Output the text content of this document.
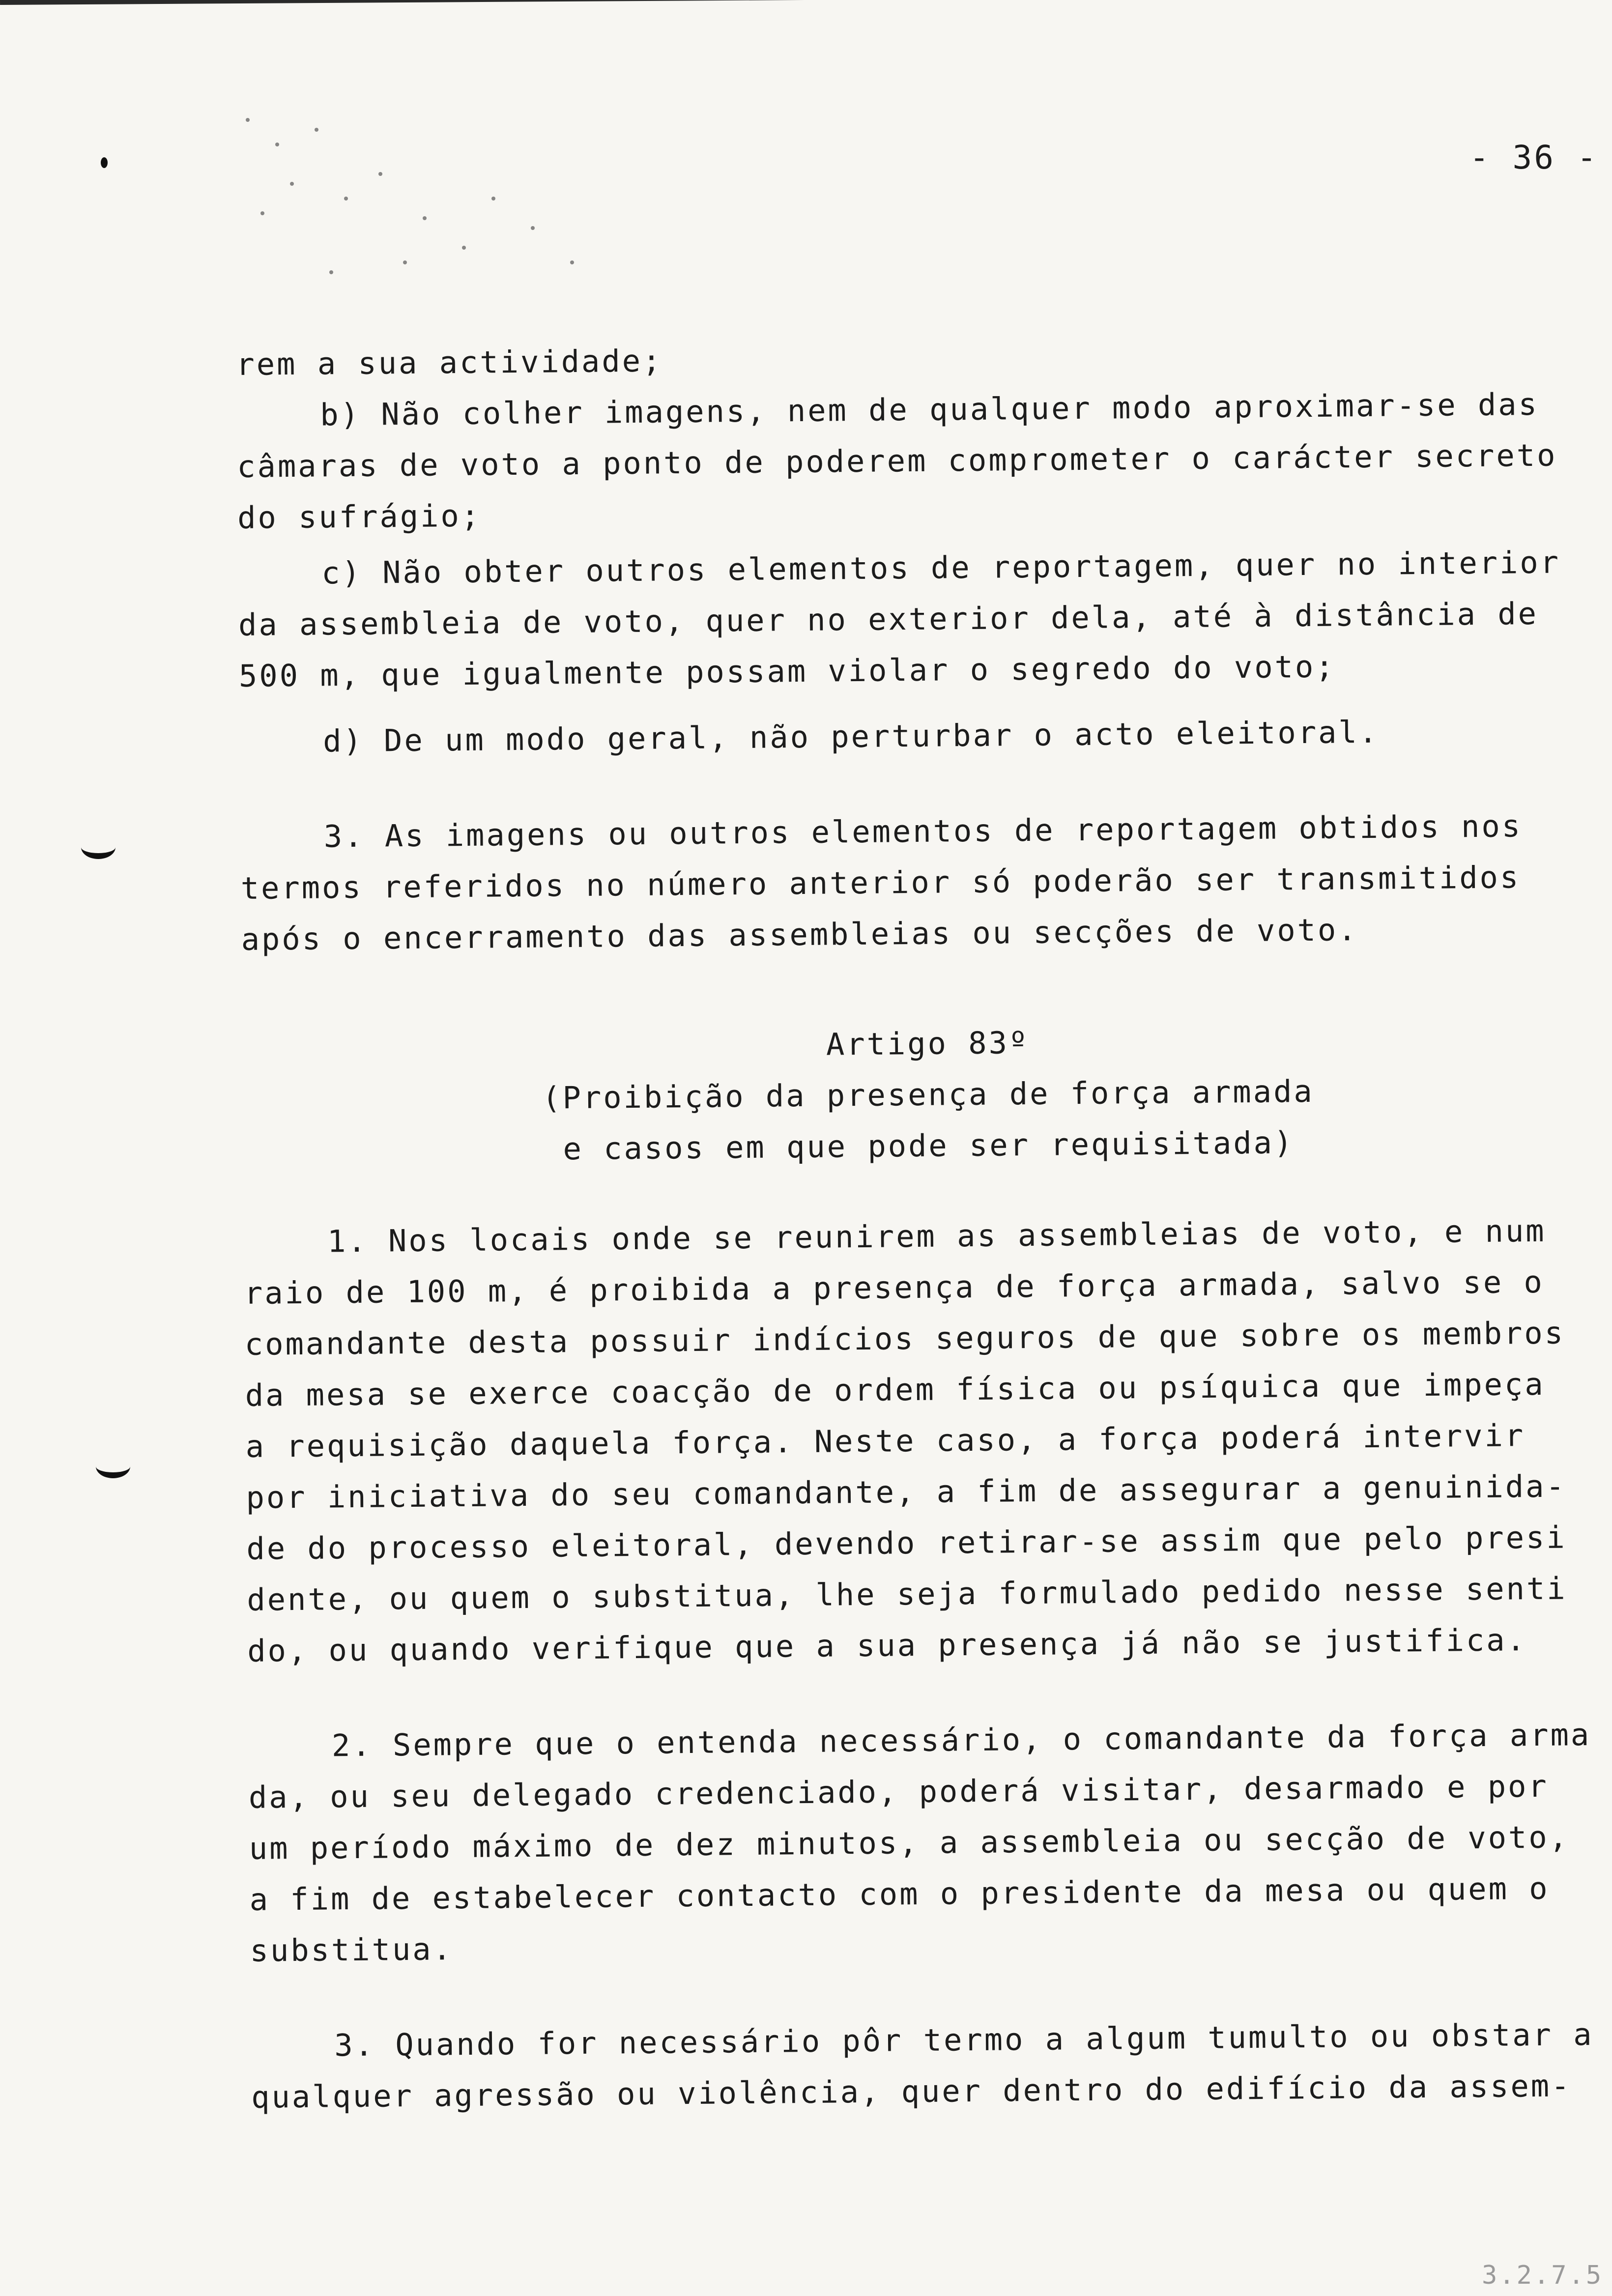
- 36 -
rem a sua actividade;
b) Não colher imagens, nem de qualquer modo aproximar-se das
câmaras de voto a ponto de poderem comprometer o carácter secreto
do sufrágio;
c) Não obter outros elementos de reportagem, quer no interior
da assembleia de voto, quer no exterior dela, até à distância de
500 m, que igualmente possam violar o segredo do voto;
d) De um modo geral, não perturbar o acto eleitoral.
3. As imagens ou outros elementos de reportagem obtidos nos
termos referidos no número anterior só poderão ser transmitidos
após o encerramento das assembleias ou secções de voto.
Artigo 83º
(Proibição da presença de força armada
e casos em que pode ser requisitada)
1. Nos locais onde se reunirem as assembleias de voto, e num
raio de 100 m, é proibida a presença de força armada, salvo se o
comandante desta possuir indícios seguros de que sobre os membros
da mesa se exerce coacção de ordem física ou psíquica que impeça
a requisição daquela força. Neste caso, a força poderá intervir
por iniciativa do seu comandante, a fim de assegurar a genuinida-
de do processo eleitoral, devendo retirar-se assim que pelo presi
dente, ou quem o substitua, lhe seja formulado pedido nesse senti
do, ou quando verifique que a sua presença já não se justifica.
2. Sempre que o entenda necessário, o comandante da força arma
da, ou seu delegado credenciado, poderá visitar, desarmado e por
um período máximo de dez minutos, a assembleia ou secção de voto,
a fim de estabelecer contacto com o presidente da mesa ou quem o
substitua.
3. Quando for necessário pôr termo a algum tumulto ou obstar a
qualquer agressão ou violência, quer dentro do edifício da assem-
3.2.7.5
